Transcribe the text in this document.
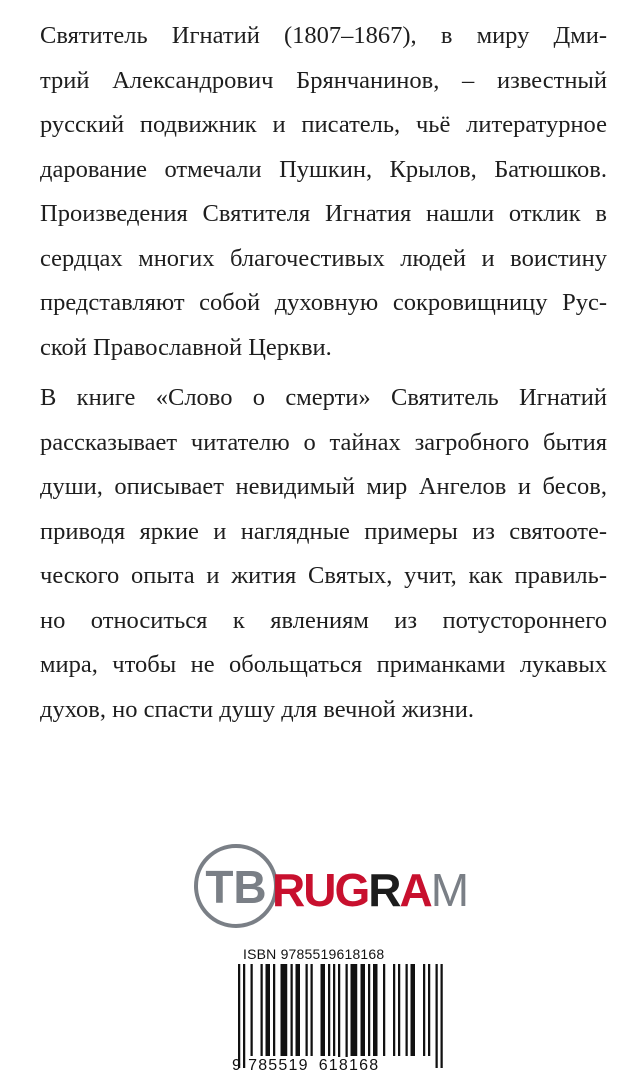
Святитель Игнатий (1807–1867), в миру Дми-
трий Александрович Брянчанинов, – известный
русский подвижник и писатель, чьё литературное
дарование отмечали Пушкин, Крылов, Батюшков.
Произведения Святителя Игнатия нашли отклик в
сердцах многих благочестивых людей и воистину
представляют собой духовную сокровищницу Рус-
ской Православной Церкви.
В книге «Слово о смерти» Святитель Игнатий
рассказывает читателю о тайнах загробного бытия
души, описывает невидимый мир Ангелов и бесов,
приводя яркие и наглядные примеры из святооте-
ческого опыта и жития Святых, учит, как правиль-
но относиться к явлениям из потустороннего
мира, чтобы не обольщаться приманками лукавых
духов, но спасти душу для вечной жизни.
ТВ RUGRAM
ISBN 9785519618168
9 785519 618168
